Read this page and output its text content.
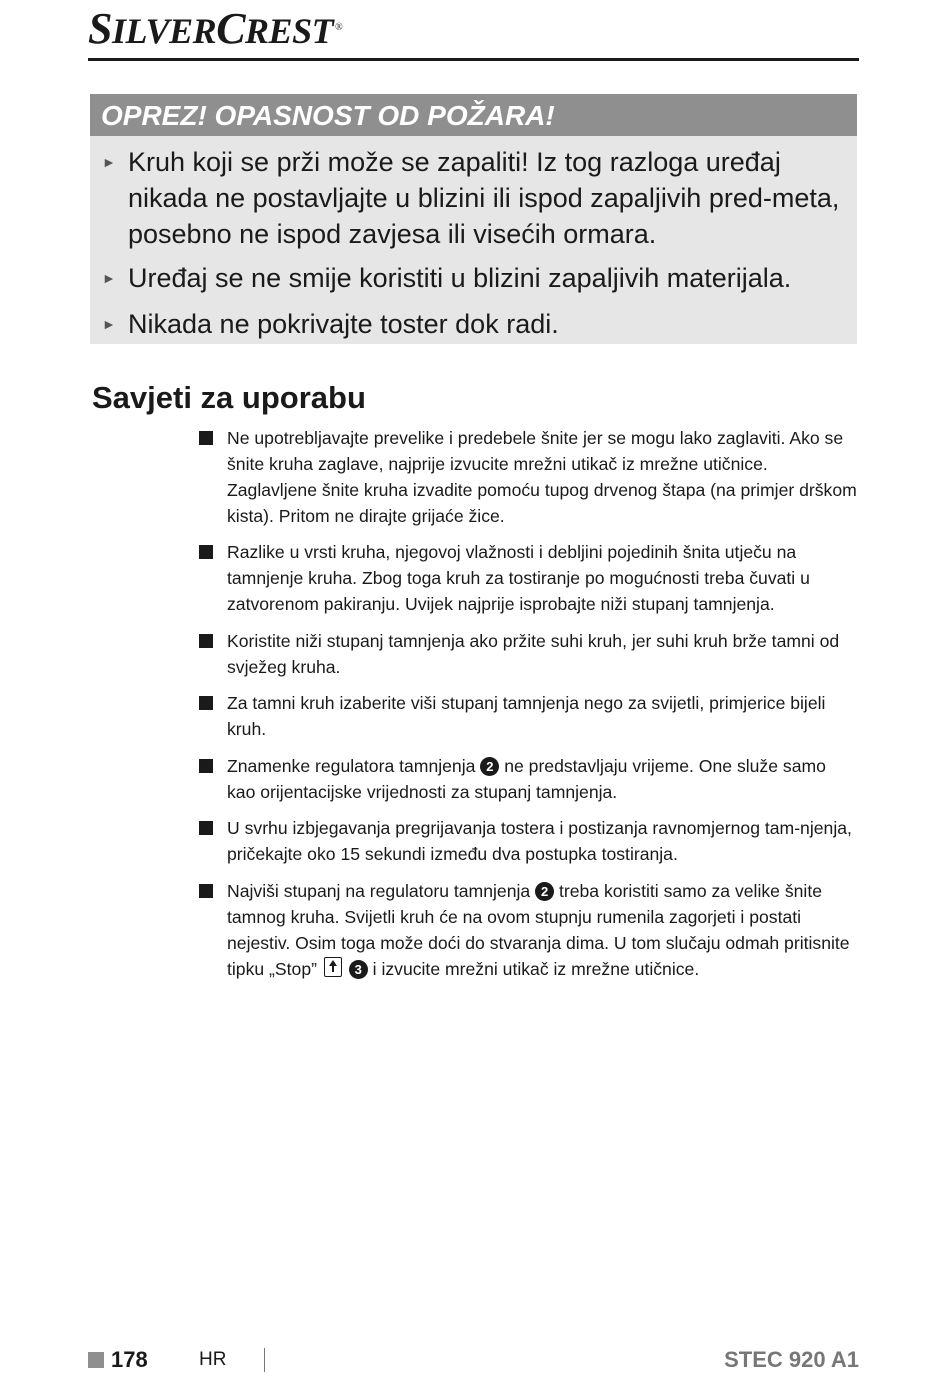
SILVERCREST ®
OPREZ! OPASNOST OD POŽARA!
► Kruh koji se prži može se zapaliti! Iz tog razloga uređaj nikada ne postavljajte u blizini ili ispod zapaljivih pred-meta, posebno ne ispod zavjesa ili visećih ormara.
► Uređaj se ne smije koristiti u blizini zapaljivih materijala.
► Nikada ne pokrivajte toster dok radi.
Savjeti za uporabu
Ne upotrebljavajte prevelike i predebele šnite jer se mogu lako zaglaviti. Ako se šnite kruha zaglave, najprije izvucite mrežni utikač iz mrežne utičnice. Zaglavljene šnite kruha izvadite pomoću tupog drvenog štapa (na primjer drškom kista). Pritom ne dirajte grijaće žice.
Razlike u vrsti kruha, njegovoj vlažnosti i debljini pojedinih šnita utječu na tamnjenje kruha. Zbog toga kruh za tostiranje po mogućnosti treba čuvati u zatvorenom pakiranju. Uvijek najprije isprobajte niži stupanj tamnjenja.
Koristite niži stupanj tamnjenja ako pržite suhi kruh, jer suhi kruh brže tamni od svježeg kruha.
Za tamni kruh izaberite viši stupanj tamnjenja nego za svijetli, primjerice bijeli kruh.
Znamenke regulatora tamnjenja 2 ne predstavljaju vrijeme. One služe samo kao orijentacijske vrijednosti za stupanj tamnjenja.
U svrhu izbjegavanja pregrijavanja tostera i postizanja ravnomjernog tam-njenja, pričekajte oko 15 sekundi između dva postupka tostiranja.
Najviši stupanj na regulatoru tamnjenja 2 treba koristiti samo za velike šnite tamnog kruha. Svijetli kruh će na ovom stupnju rumenila zagorjeti i postati nejestiv. Osim toga može doći do stvaranja dima. U tom slučaju odmah pritisnite tipku „Stop”	3 i izvucite mrežni utikač iz mrežne utičnice.
178	HR	STEC 920 A1
